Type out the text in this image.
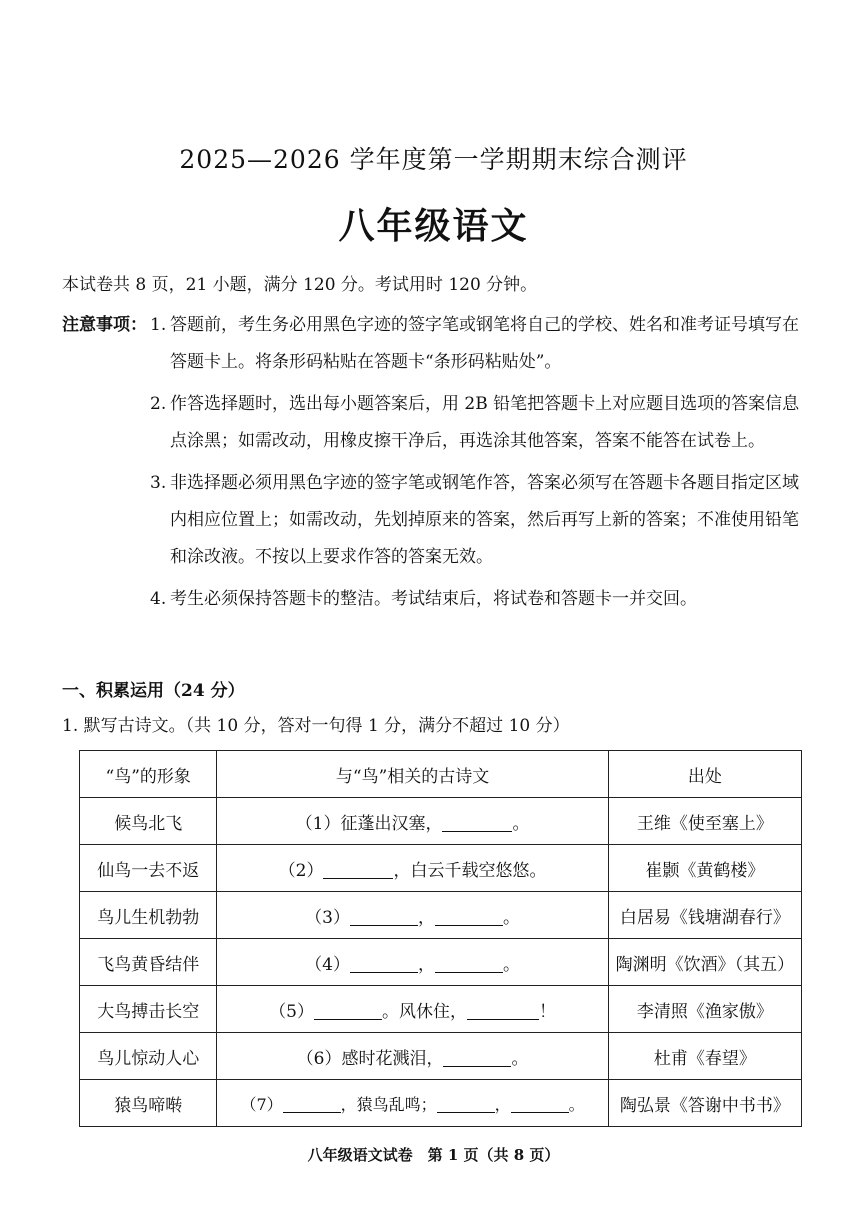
2025—2026 学年度第一学期期末综合测评
八年级语文
本试卷共 8 页，21 小题，满分 120 分。考试用时 120 分钟。
注意事项： 1. 答题前，考生务必用黑色字迹的签字笔或钢笔将自己的学校、姓名和准考证号填写在答题卡上。将条形码粘贴在答题卡“条形码粘贴处”。
2. 作答选择题时，选出每小题答案后，用 2B 铅笔把答题卡上对应题目选项的答案信息点涂黑；如需改动，用橡皮擦干净后，再选涂其他答案，答案不能答在试卷上。
3. 非选择题必须用黑色字迹的签字笔或钢笔作答，答案必须写在答题卡各题目指定区域内相应位置上；如需改动，先划掉原来的答案，然后再写上新的答案；不准使用铅笔和涂改液。不按以上要求作答的答案无效。
4. 考生必须保持答题卡的整洁。考试结束后，将试卷和答题卡一并交回。
一、积累运用（24 分）
1. 默写古诗文。（共 10 分，答对一句得 1 分，满分不超过 10 分）
“鸟”的形象	与“鸟”相关的古诗文	出处
候鸟北飞	（1）征蓬出汉塞， 。	王维《使至塞上》
仙鸟一去不返	（2） ，白云千载空悠悠。	崔颢《黄鹤楼》
鸟儿生机勃勃	（3） ， 。	白居易《钱塘湖春行》
飞鸟黄昏结伴	（4） ， 。	陶渊明《饮酒》（其五）
大鸟搏击长空	（5） 。风休住， ！	李清照《渔家傲》
鸟儿惊动人心	（6）感时花溅泪， 。	杜甫《春望》
猿鸟啼啭	（7） ，猿鸟乱鸣； ， 。	陶弘景《答谢中书书》
八年级语文试卷　第 1 页（共 8 页）
